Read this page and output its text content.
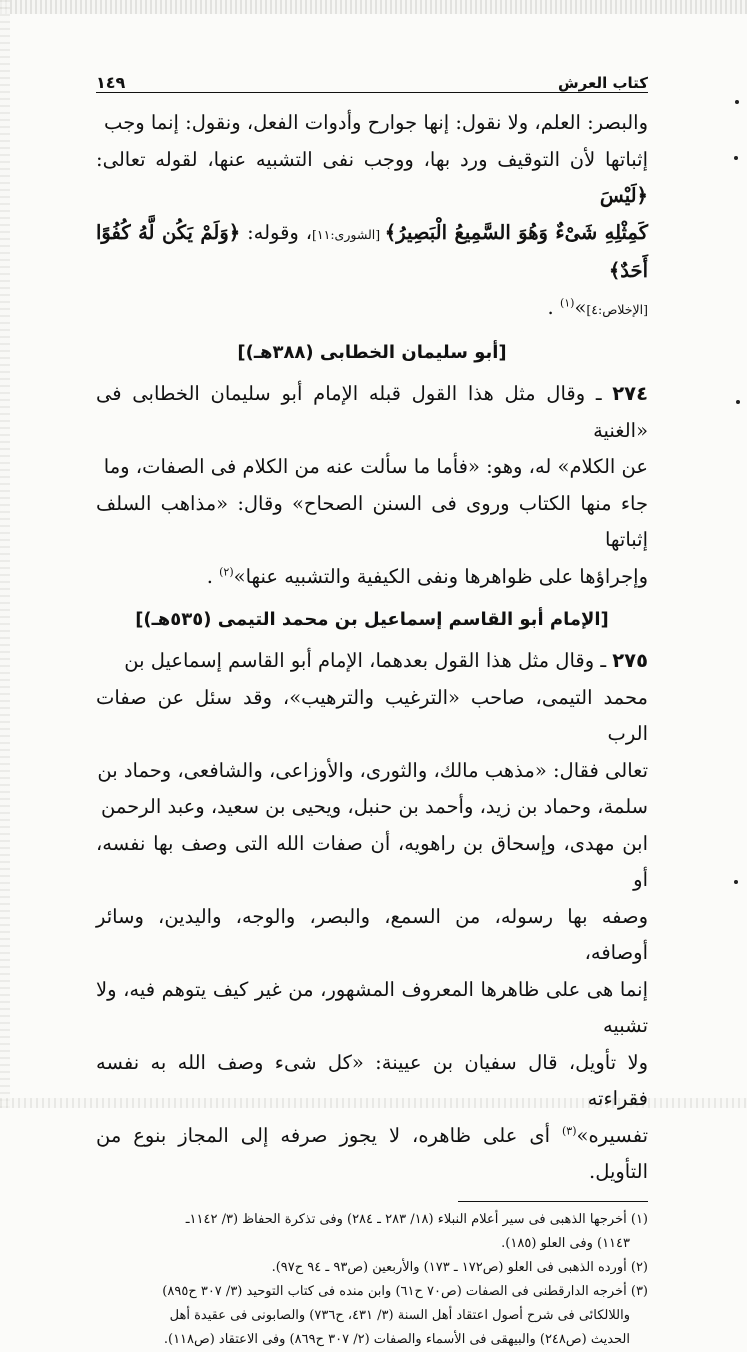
كتاب العرش
١٤٩

والبصر: العلم، ولا نقول: إنها جوارح وأدوات الفعل، ونقول: إنما وجب
إثباتها لأن التوقيف ورد بها، ووجب نفى التشبيه عنها، لقوله تعالى: ﴿لَيْسَ
كَمِثْلِهِ شَىْءٌ وَهُوَ السَّمِيعُ الْبَصِيرُ﴾ [الشورى:١١]، وقوله: ﴿وَلَمْ يَكُن لَّهُ كُفُوًا أَحَدٌ﴾
[الإخلاص:٤]»$^{(١)}$ .

[أبو سليمان الخطابى (٣٨٨هـ)]

٢٧٤ ـ وقال مثل هذا القول قبله الإمام أبو سليمان الخطابى فى «الغنية
عن الكلام» له، وهو: «فأما ما سألت عنه من الكلام فى الصفات، وما
جاء منها الكتاب وروى فى السنن الصحاح» وقال: «مذاهب السلف إثباتها
وإجراؤها على ظواهرها ونفى الكيفية والتشبيه عنها»$^{(٢)}$ .

[الإمام أبو القاسم إسماعيل بن محمد التيمى (٥٣٥هـ)]

٢٧٥ ـ وقال مثل هذا القول بعدهما، الإمام أبو القاسم إسماعيل بن
محمد التيمى، صاحب «الترغيب والترهيب»، وقد سئل عن صفات الرب
تعالى فقال: «مذهب مالك، والثورى، والأوزاعى، والشافعى، وحماد بن
سلمة، وحماد بن زيد، وأحمد بن حنبل، ويحيى بن سعيد، وعبد الرحمن
ابن مهدى، وإسحاق بن راهويه، أن صفات الله التى وصف بها نفسه، أو
وصفه بها رسوله، من السمع، والبصر، والوجه، واليدين، وسائر أوصافه،
إنما هى على ظاهرها المعروف المشهور، من غير كيف يتوهم فيه، ولا تشبيه
ولا تأويل، قال سفيان بن عيينة: «كل شىء وصف الله به نفسه فقراءته
تفسيره»$^{(٣)}$ أى على ظاهره، لا يجوز صرفه إلى المجاز بنوع من التأويل.

(١) أخرجها الذهبى فى سير أعلام النبلاء (١٨/ ٢٨٣ ـ ٢٨٤) وفى تذكرة الحفاظ (٣/ ١١٤٢ـ
١١٤٣) وفى العلو (١٨٥).

(٢) أورده الذهبى فى العلو (ص١٧٢ ـ ١٧٣) والأربعين (ص٩٣ ـ ٩٤ ح٩٧).

(٣) أخرجه الدارقطنى فى الصفات (ص٧٠ ح٦١) وابن منده فى كتاب التوحيد (٣/ ٣٠٧ ح٨٩٥)
واللالكائى فى شرح أصول اعتقاد أهل السنة (٣/ ٤٣١، ح٧٣٦) والصابونى فى عقيدة أهل
الحديث (ص٢٤٨) والبيهقى فى الأسماء والصفات (٢/ ٣٠٧ ح٨٦٩) وفى الاعتقاد (ص١١٨).
